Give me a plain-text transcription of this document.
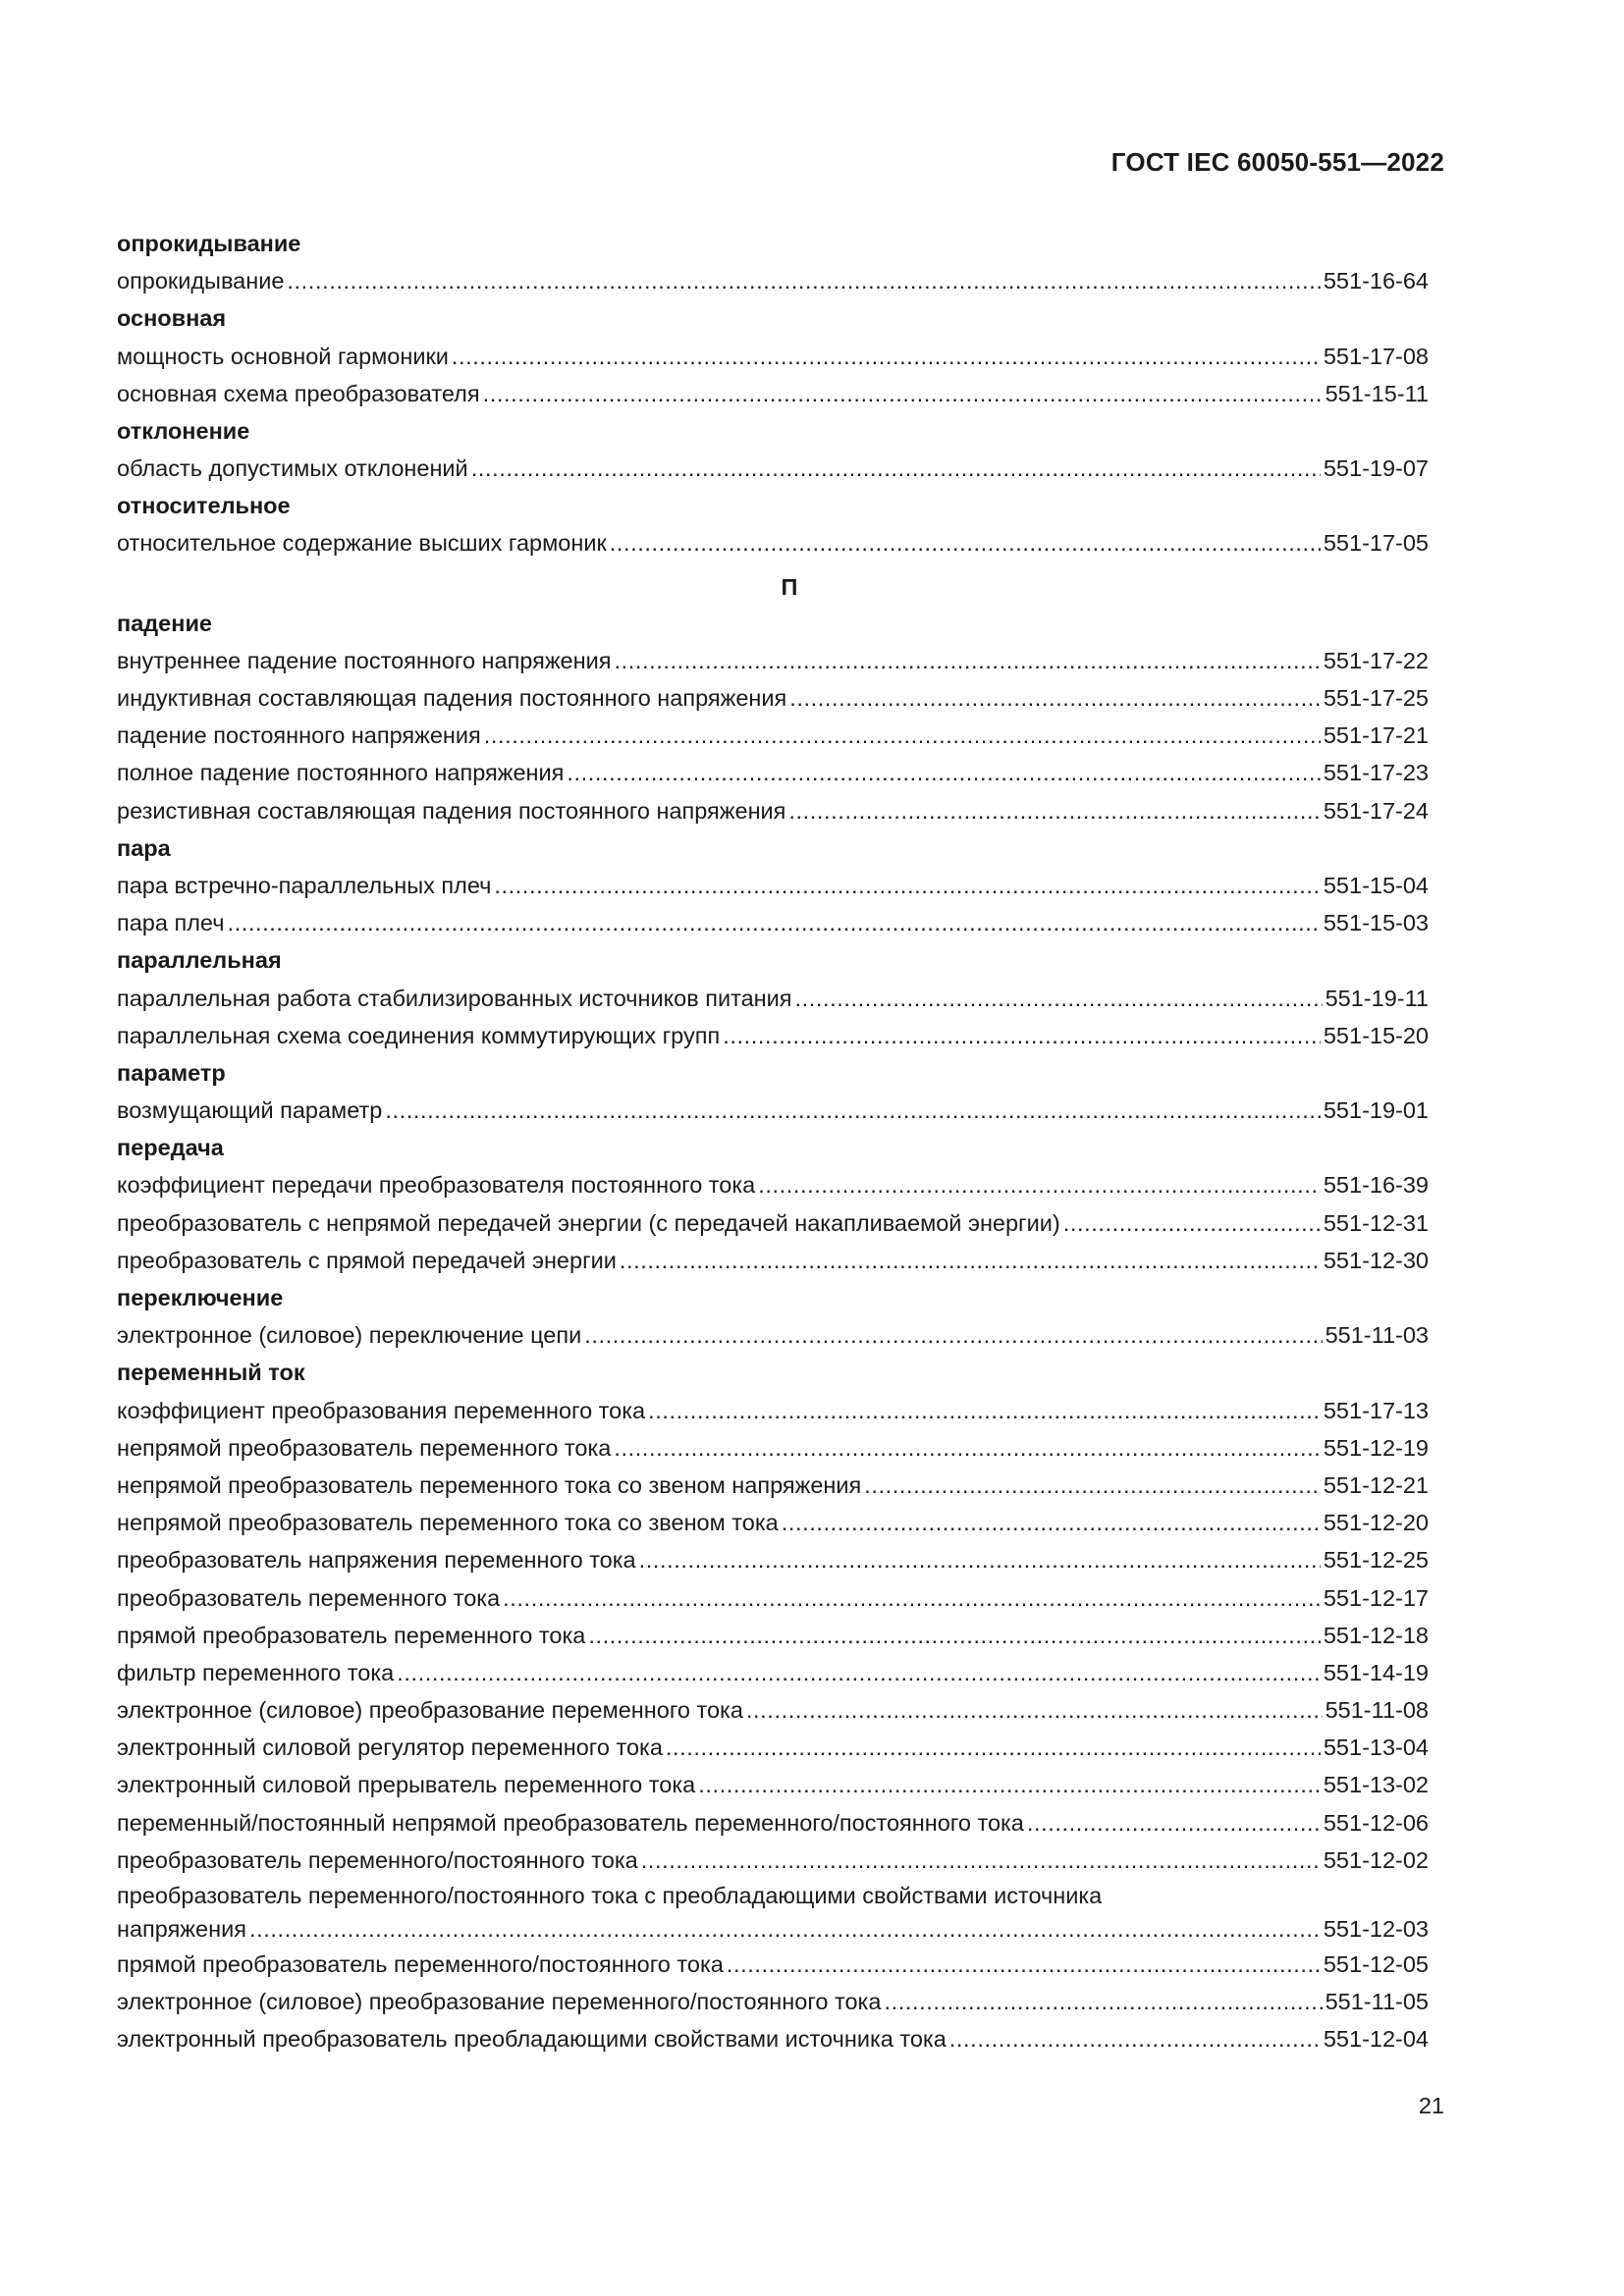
ГОСТ IEC 60050-551—2022
опрокидывание
опрокидывание .....	551-16-64
основная
мощность основной гармоники .....	551-17-08
основная схема преобразователя .....	551-15-11
отклонение
область допустимых отклонений .....	551-19-07
относительное
относительное содержание высших гармоник .....	551-17-05
П
падение
внутреннее падение постоянного напряжения .....	551-17-22
индуктивная составляющая падения постоянного напряжения .....	551-17-25
падение постоянного напряжения .....	551-17-21
полное падение постоянного напряжения .....	551-17-23
резистивная составляющая падения постоянного напряжения .....	551-17-24
пара
пара встречно-параллельных плеч .....	551-15-04
пара плеч .....	551-15-03
параллельная
параллельная работа стабилизированных источников питания .....	551-19-11
параллельная схема соединения коммутирующих групп .....	551-15-20
параметр
возмущающий параметр .....	551-19-01
передача
коэффициент передачи преобразователя постоянного тока .....	551-16-39
преобразователь с непрямой передачей энергии (с передачей накапливаемой энергии) .....	551-12-31
преобразователь с прямой передачей энергии .....	551-12-30
переключение
электронное (силовое) переключение цепи .....	551-11-03
переменный ток
коэффициент преобразования переменного тока .....	551-17-13
непрямой преобразователь переменного тока .....	551-12-19
непрямой преобразователь переменного тока со звеном напряжения .....	551-12-21
непрямой преобразователь переменного тока со звеном тока .....	551-12-20
преобразователь напряжения переменного тока .....	551-12-25
преобразователь переменного тока .....	551-12-17
прямой преобразователь переменного тока .....	551-12-18
фильтр переменного тока .....	551-14-19
электронное (силовое) преобразование переменного тока .....	551-11-08
электронный силовой регулятор переменного тока .....	551-13-04
электронный силовой прерыватель переменного тока .....	551-13-02
переменный/постоянный непрямой преобразователь переменного/постоянного тока .....	551-12-06
преобразователь переменного/постоянного тока .....	551-12-02
преобразователь переменного/постоянного тока с преобладающими свойствами источника
напряжения .....	551-12-03
прямой преобразователь переменного/постоянного тока .....	551-12-05
электронное (силовое) преобразование переменного/постоянного тока .....	551-11-05
электронный преобразователь преобладающими свойствами источника тока .....	551-12-04
21
